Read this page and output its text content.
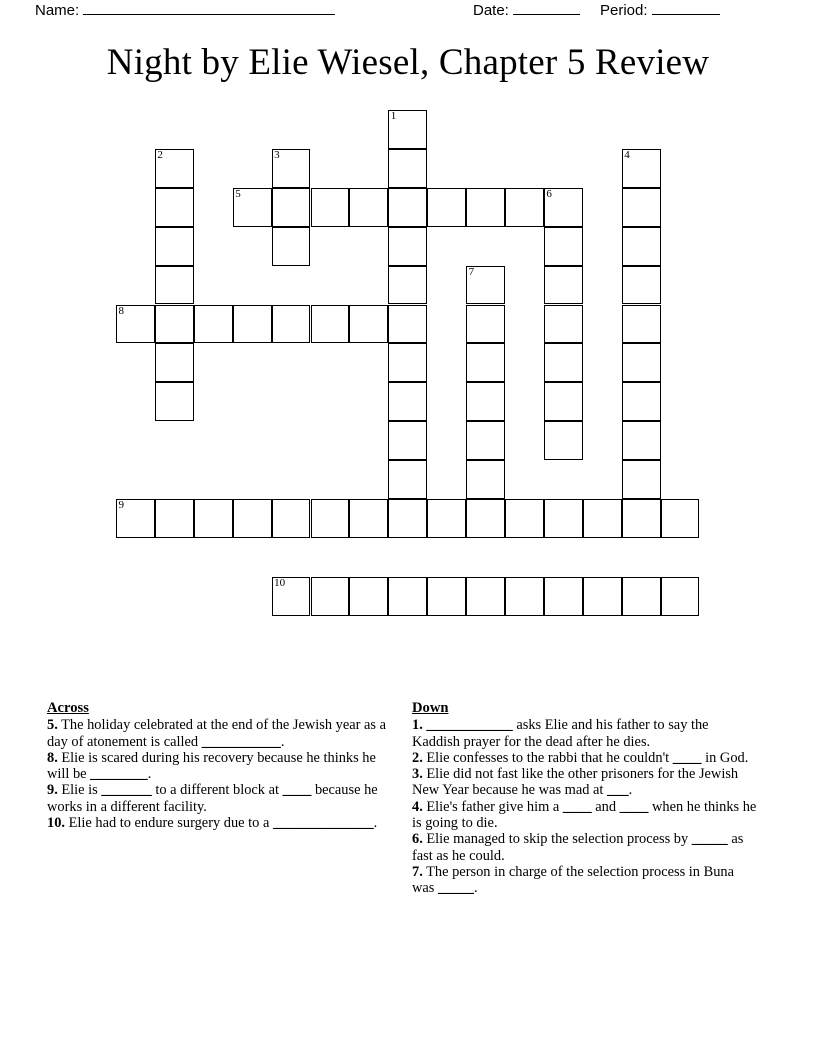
Name:	Date:	Period:
Night by Elie Wiesel, Chapter 5 Review
1
2	3	4
5	6
7
8
9
10
Across

5. The holiday celebrated at the end of the Jewish year as a day of atonement is called ___________.

8. Elie is scared during his recovery because he thinks he will be ________.

9. Elie is _______ to a different block at ____ because he works in a different facility.

10. Elie had to endure surgery due to a ______________.

Down

1. ____________ asks Elie and his father to say the Kaddish prayer for the dead after he dies.

2. Elie confesses to the rabbi that he couldn't ____ in God.

3. Elie did not fast like the other prisoners for the Jewish New Year because he was mad at ___.

4. Elie's father give him a ____ and ____ when he thinks he is going to die.

6. Elie managed to skip the selection process by _____ as fast as he could.

7. The person in charge of the selection process in Buna was _____.
